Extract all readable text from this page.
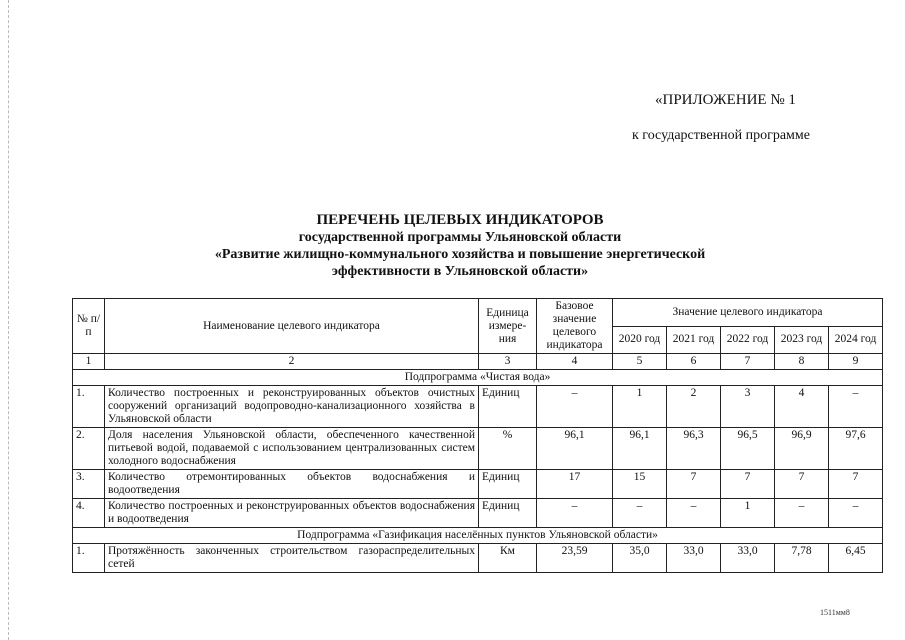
«ПРИЛОЖЕНИЕ № 1
к государственной программе
ПЕРЕЧЕНЬ ЦЕЛЕВЫХ ИНДИКАТОРОВ
государственной программы Ульяновской области
«Развитие жилищно-коммунального хозяйства и повышение энергетической
эффективности в Ульяновской области»
№ п/п	Наименование целевого индикатора	Единица измере-ния	Базовое значение целевого индикатора	Значение целевого индикатора				
				2020 год	2021 год	2022 год	2023 год	2024 год
1	2	3	4	5	6	7	8	9
Подпрограмма «Чистая вода»								
1.	Количество построенных и реконструированных объектов очистных сооружений организаций водопроводно-канализационного хозяйства в Ульяновской области	Единиц	–	1	2	3	4	–
2.	Доля населения Ульяновской области, обеспеченного качественной питьевой водой, подаваемой с использованием централизованных систем холодного водоснабжения	%	96,1	96,1	96,3	96,5	96,9	97,6
3.	Количество отремонтированных объектов водоснабжения и водоотведения	Единиц	17	15	7	7	7	7
4.	Количество построенных и реконструированных объектов водоснабжения и водоотведения	Единиц	–	–	–	1	–	–
Подпрограмма «Газификация населённых пунктов Ульяновской области»								
1.	Протяжённость законченных строительством газораспределительных сетей	Км	23,59	35,0	33,0	33,0	7,78	6,45
1511мм8
